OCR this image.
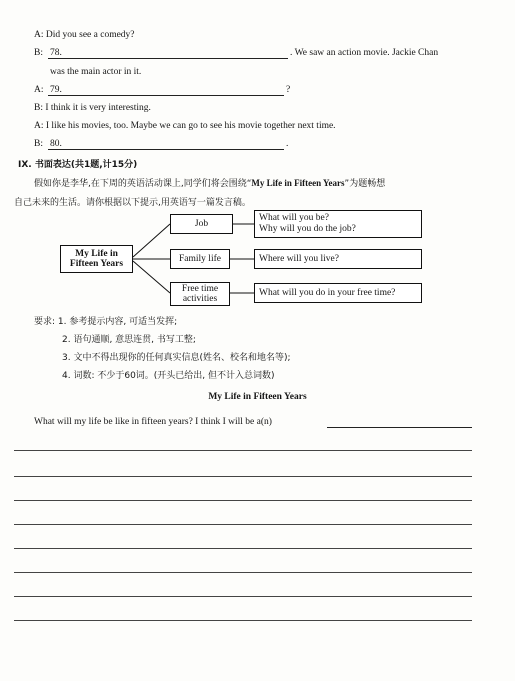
A: Did you see a comedy?
B: 78.	. We saw an action movie. Jackie Chan
was the main actor in it.
A: 79.	?
B: I think it is very interesting.
A: I like his movies, too. Maybe we can go to see his movie together next time.
B: 80.	.
IX. 书面表达(共1题,计15分)
假如你是李华,在下周的英语活动课上,同学们将会围绕“My Life in Fifteen Years”为题畅想
自己未来的生活。请你根据以下提示,用英语写一篇发言稿。
My Life in Fifteen Years
Job
What will you be?
Why will you do the job?
Family life	Where will you live?
Free time activities
What will you do in your free time?
要求: 1. 参考提示内容, 可适当发挥;
2. 语句通顺, 意思连贯, 书写工整;
3. 文中不得出现你的任何真实信息(姓名、校名和地名等);
4. 词数: 不少于60词。(开头已给出, 但不计入总词数)
My Life in Fifteen Years
What will my life be like in fifteen years? I think I will be a(n)
